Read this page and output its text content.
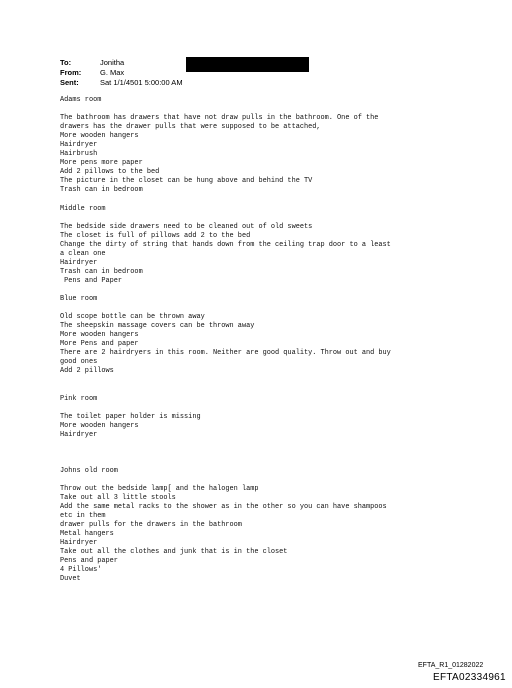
To:	Jonitha
From:	G. Max
Sent:	Sat 1/1/4501 5:00:00 AM
Adams room
The bathroom has drawers that have not draw pulls in the bathroom. One of the
drawers has the drawer pulls that were supposed to be attached,
More wooden hangers
Hairdryer
Hairbrush
More pens more paper
Add 2 pillows to the bed
The picture in the closet can be hung above and behind the TV
Trash can in bedroom
Middle room
The bedside side drawers need to be cleaned out of old sweets
The closet is full of pillows add 2 to the bed
Change the dirty of string that hands down from the ceiling trap door to a least
a clean one
Hairdryer
Trash can in bedroom
Pens and Paper
Blue room
Old scope bottle can be thrown away
The sheepskin massage covers can be thrown away
More wooden hangers
More Pens and paper
There are 2 hairdryers in this room. Neither are good quality. Throw out and buy
good ones
Add 2 pillows
Pink room
The toilet paper holder is missing
More wooden hangers
Hairdryer
Johns old room
Throw out the bedside lamp[ and the halogen lamp
Take out all 3 little stools
Add the same metal racks to the shower as in the other so you can have shampoos
etc in them
drawer pulls for the drawers in the bathroom
Metal hangers
Hairdryer
Take out all the clothes and junk that is in the closet
Pens and paper
4 Pillows'
Duvet
EFTA_R1_01282022
EFTA02334961
